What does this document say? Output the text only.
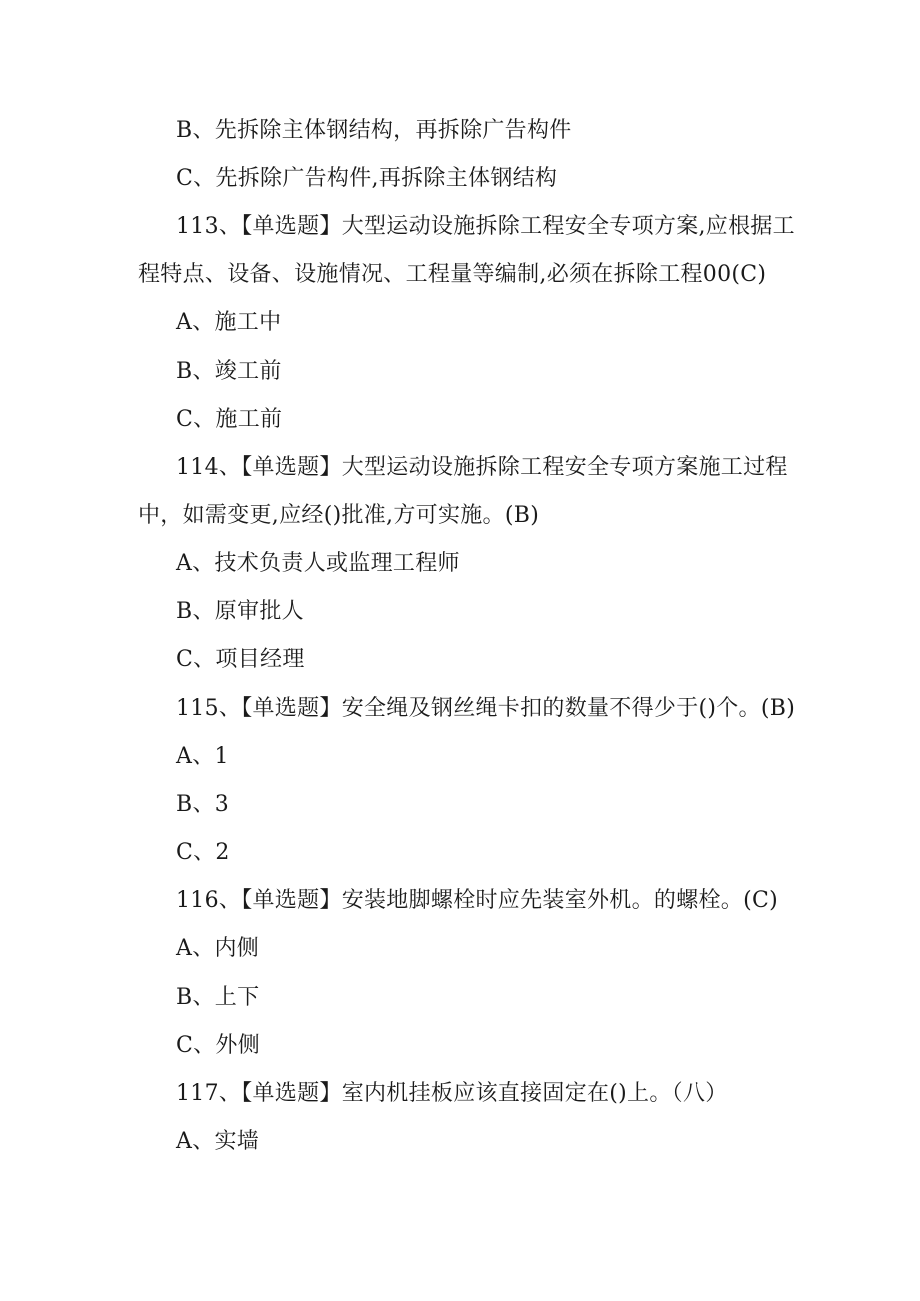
B、先拆除主体钢结构，再拆除广告构件
C、先拆除广告构件,再拆除主体钢结构
113、【单选题】大型运动设施拆除工程安全专项方案,应根据工
程特点、设备、设施情况、工程量等编制,必须在拆除工程00(C)
A、施工中
B、竣工前
C、施工前
114、【单选题】大型运动设施拆除工程安全专项方案施工过程
中，如需变更,应经()批准,方可实施。(B)
A、技术负责人或监理工程师
B、原审批人
C、项目经理
115、【单选题】安全绳及钢丝绳卡扣的数量不得少于()个。(B)
A、1
B、3
C、2
116、【单选题】安装地脚螺栓时应先装室外机。的螺栓。(C)
A、内侧
B、上下
C、外侧
117、【单选题】室内机挂板应该直接固定在()上。（八）
A、实墙
